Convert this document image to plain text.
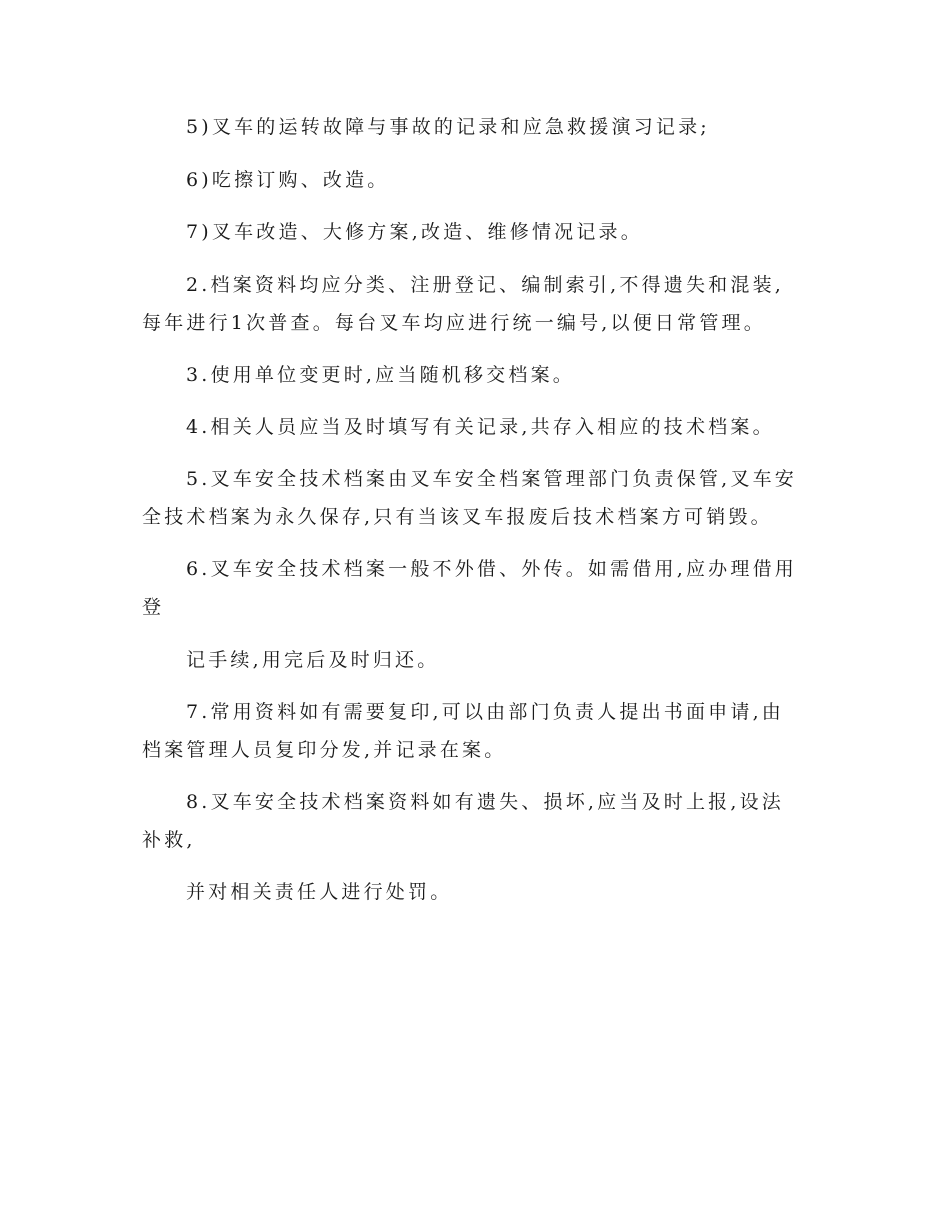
5)叉车的运转故障与事故的记录和应急救援演习记录;
6)吃擦订购、改造。
7)叉车改造、大修方案,改造、维修情况记录。
2.档案资料均应分类、注册登记、编制索引,不得遗失和混装,
每年进行1次普查。每台叉车均应进行统一编号,以便日常管理。
3.使用单位变更时,应当随机移交档案。
4.相关人员应当及时填写有关记录,共存入相应的技术档案。
5.叉车安全技术档案由叉车安全档案管理部门负责保管,叉车安
全技术档案为永久保存,只有当该叉车报废后技术档案方可销毁。
6.叉车安全技术档案一般不外借、外传。如需借用,应办理借用
登
记手续,用完后及时归还。
7.常用资料如有需要复印,可以由部门负责人提出书面申请,由
档案管理人员复印分发,并记录在案。
8.叉车安全技术档案资料如有遗失、损坏,应当及时上报,设法
补救,
并对相关责任人进行处罚。
